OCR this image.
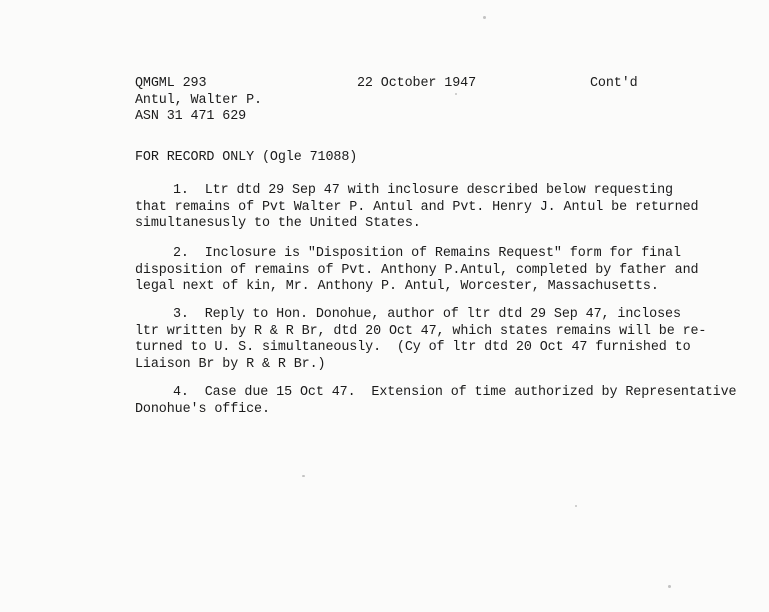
QMGML 293
Antul, Walter P.
ASN 31 471 629
22 October 1947	Cont'd
FOR RECORD ONLY (Ogle 71088)
1.  Ltr dtd 29 Sep 47 with inclosure described below requesting
that remains of Pvt Walter P. Antul and Pvt. Henry J. Antul be returned
simultanesusly to the United States.
2.  Inclosure is "Disposition of Remains Request" form for final
disposition of remains of Pvt. Anthony P.Antul, completed by father and
legal next of kin, Mr. Anthony P. Antul, Worcester, Massachusetts.
3.  Reply to Hon. Donohue, author of ltr dtd 29 Sep 47, incloses
ltr written by R & R Br, dtd 20 Oct 47, which states remains will be re-
turned to U. S. simultaneously.  (Cy of ltr dtd 20 Oct 47 furnished to
Liaison Br by R & R Br.)
4.  Case due 15 Oct 47.  Extension of time authorized by Representative
Donohue's office.
